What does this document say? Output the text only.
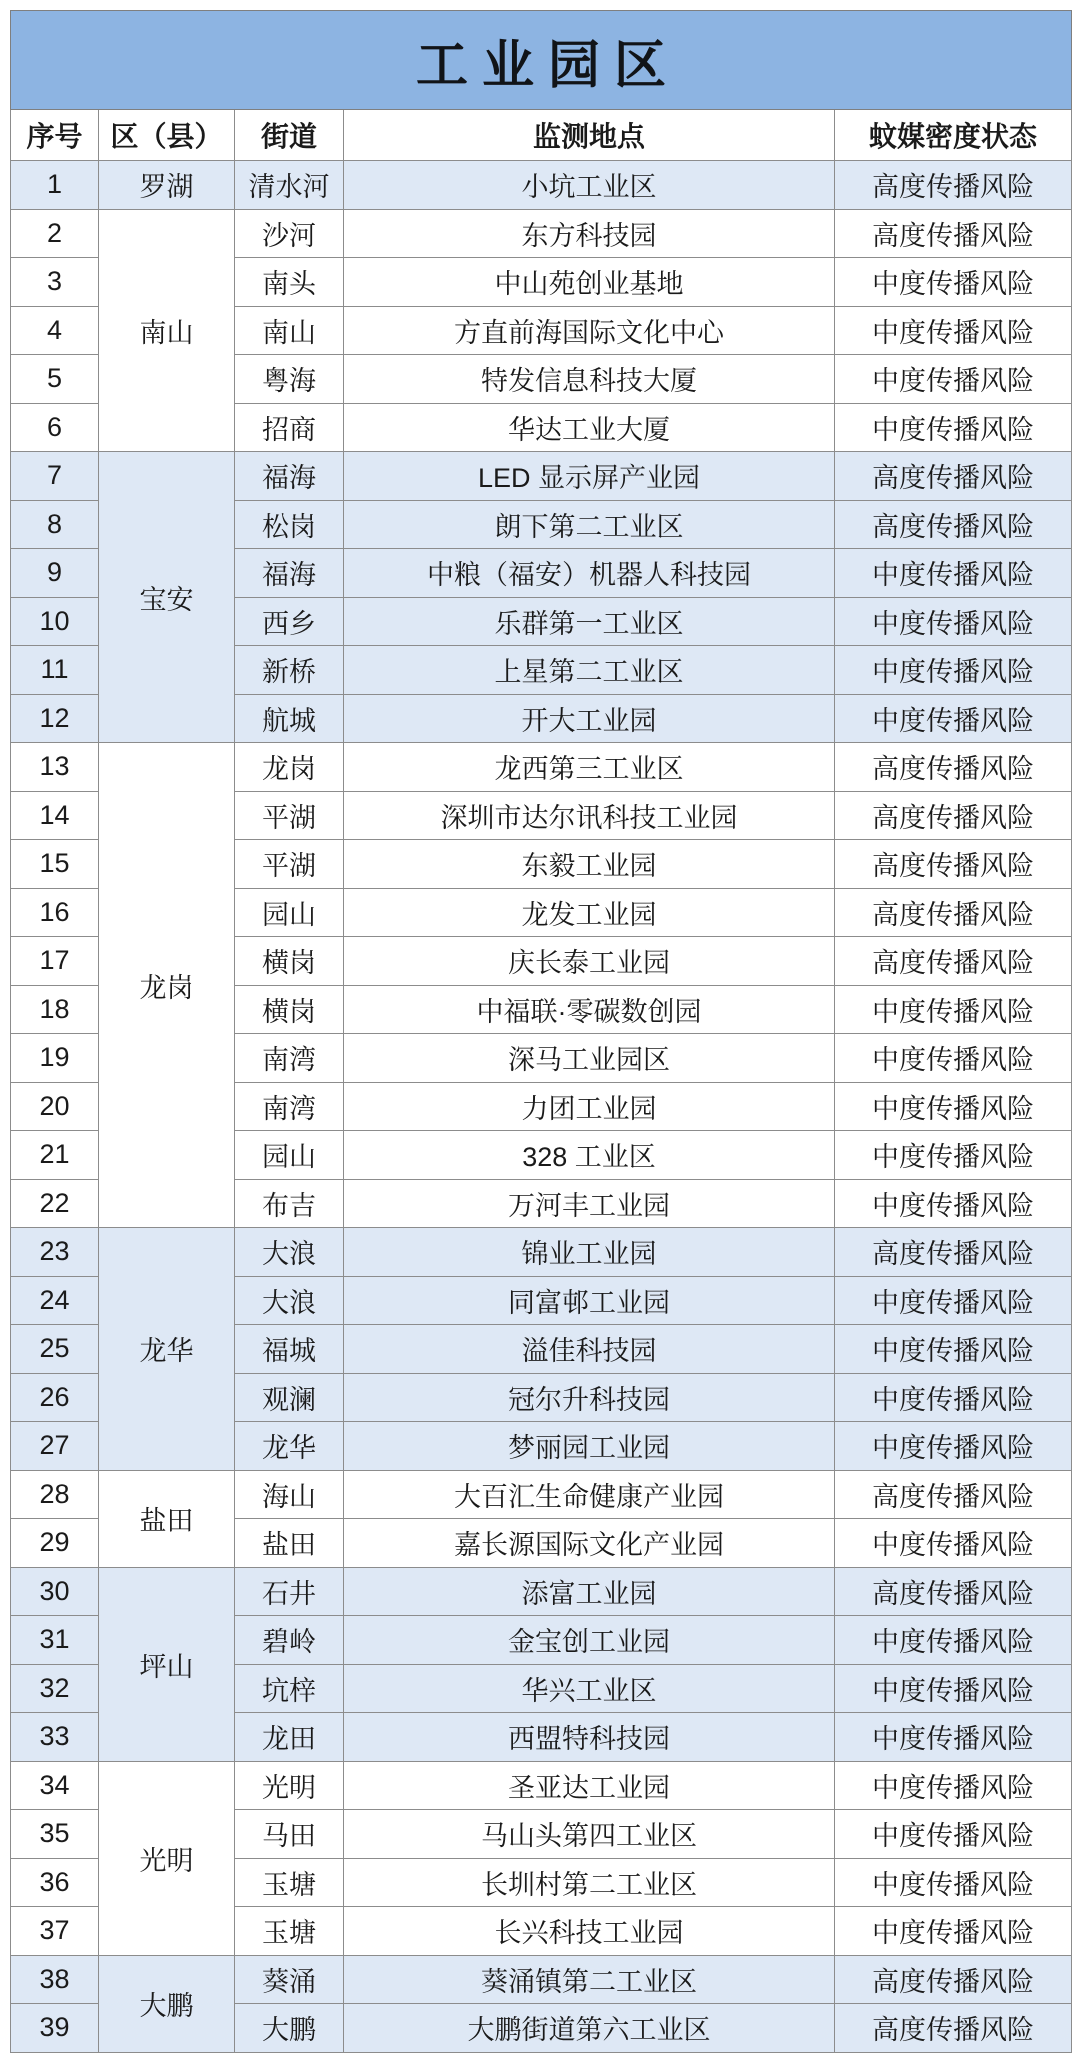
工业园区				
序号	区（县）	街道	监测地点	蚊媒密度状态
1	罗湖	清水河	小坑工业区	高度传播风险
2	南山	沙河	东方科技园	高度传播风险
3		南头	中山苑创业基地	中度传播风险
4		南山	方直前海国际文化中心	中度传播风险
5		粤海	特发信息科技大厦	中度传播风险
6		招商	华达工业大厦	中度传播风险
7	宝安	福海	LED 显示屏产业园	高度传播风险
8		松岗	朗下第二工业区	高度传播风险
9		福海	中粮（福安）机器人科技园	中度传播风险
10		西乡	乐群第一工业区	中度传播风险
11		新桥	上星第二工业区	中度传播风险
12		航城	开大工业园	中度传播风险
13	龙岗	龙岗	龙西第三工业区	高度传播风险
14		平湖	深圳市达尔讯科技工业园	高度传播风险
15		平湖	东毅工业园	高度传播风险
16		园山	龙发工业园	高度传播风险
17		横岗	庆长泰工业园	高度传播风险
18		横岗	中福联·零碳数创园	中度传播风险
19		南湾	深马工业园区	中度传播风险
20		南湾	力团工业园	中度传播风险
21		园山	328 工业区	中度传播风险
22		布吉	万河丰工业园	中度传播风险
23	龙华	大浪	锦业工业园	高度传播风险
24		大浪	同富邨工业园	中度传播风险
25		福城	溢佳科技园	中度传播风险
26		观澜	冠尔升科技园	中度传播风险
27		龙华	梦丽园工业园	中度传播风险
28	盐田	海山	大百汇生命健康产业园	高度传播风险
29		盐田	嘉长源国际文化产业园	中度传播风险
30	坪山	石井	添富工业园	高度传播风险
31		碧岭	金宝创工业园	中度传播风险
32		坑梓	华兴工业区	中度传播风险
33		龙田	西盟特科技园	中度传播风险
34	光明	光明	圣亚达工业园	中度传播风险
35		马田	马山头第四工业区	中度传播风险
36		玉塘	长圳村第二工业区	中度传播风险
37		玉塘	长兴科技工业园	中度传播风险
38	大鹏	葵涌	葵涌镇第二工业区	高度传播风险
39		大鹏	大鹏街道第六工业区	高度传播风险
